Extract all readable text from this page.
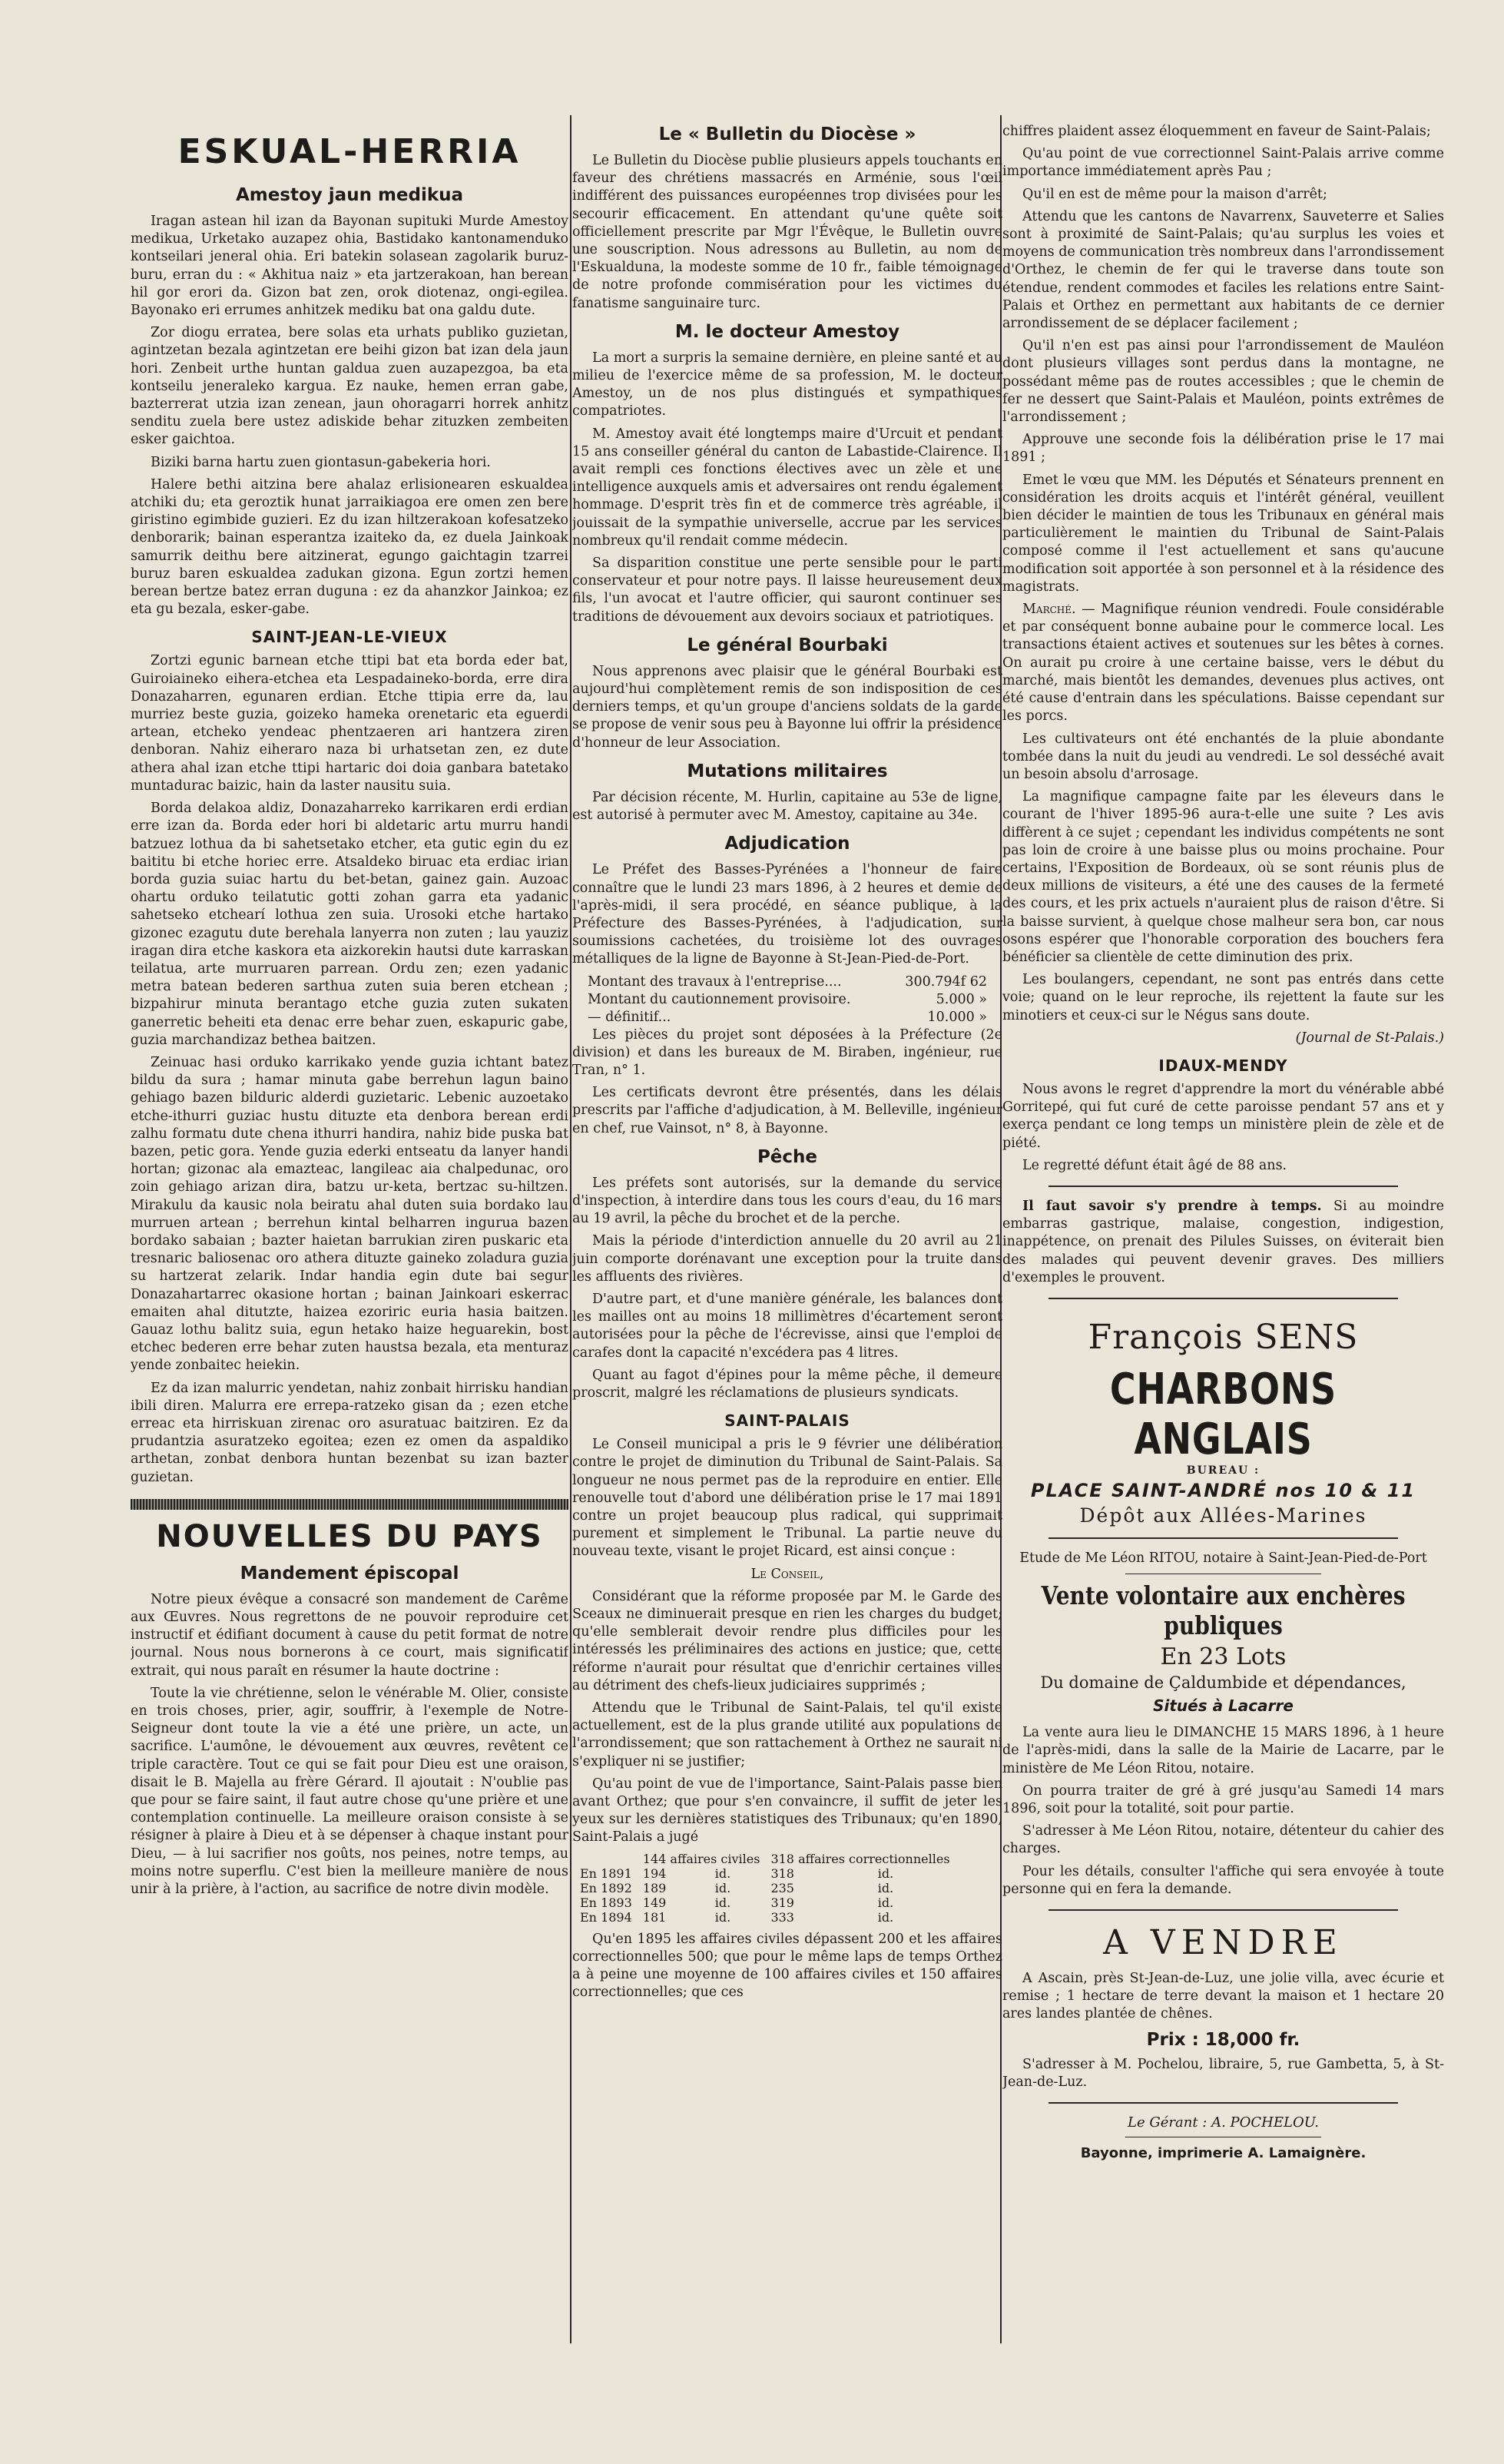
ESKUAL-HERRIA
Amestoy jaun medikua

Iragan astean hil izan da Bayonan supituki Murde Amestoy medikua, Urketako auzapez ohia, Bastidako kantonamenduko kontseilari jeneral ohia. Eri batekin solasean zagolarik buruz-buru, erran du : « Akhitua naiz » eta jartzerakoan, han berean hil gor erori da. Gizon bat zen, orok diotenaz, ongi-egilea. Bayonako eri errumes anhitzek mediku bat ona galdu dute.

Zor diogu erratea, bere solas eta urhats publiko guzietan, agintzetan bezala agintzetan ere beihi gizon bat izan dela jaun hori. Zenbeit urthe huntan galdua zuen auzapezgoa, ba eta kontseilu jeneraleko kargua. Ez nauke, hemen erran gabe, bazterrerat utzia izan zenean, jaun ohoragarri horrek anhitz senditu zuela bere ustez adiskide behar zituzken zembeiten esker gaichtoa.

Biziki barna hartu zuen giontasun-gabekeria hori.

Halere bethi aitzina bere ahalaz erlisionearen eskualdea atchiki du; eta geroztik hunat jarraikiagoa ere omen zen bere giristino egimbide guzieri. Ez du izan hiltzerakoan kofesatzeko denborarik; bainan esperantza izaiteko da, ez duela Jainkoak samurrik deithu bere aitzinerat, egungo gaichtagin tzarrei buruz baren eskualdea zadukan gizona. Egun zortzi hemen berean bertze batez erran duguna : ez da ahanzkor Jainkoa; ez eta gu bezala, esker-gabe.

SAINT-JEAN-LE-VIEUX

Zortzi egunic barnean etche ttipi bat eta borda eder bat, Guiroiaineko eihera-etchea eta Lespadaineko-borda, erre dira Donazaharren, egunaren erdian. Etche ttipia erre da, lau murriez beste guzia, goizeko hameka orenetaric eta eguerdi artean, etcheko yendeac phentzaeren ari hantzera ziren denboran. Nahiz eiheraro naza bi urhatsetan zen, ez dute athera ahal izan etche ttipi hartaric doi doia ganbara batetako muntadurac baizic, hain da laster nausitu suia.

Borda delakoa aldiz, Donazaharreko karrikaren erdi erdian erre izan da. Borda eder hori bi aldetaric artu murru handi batzuez lothua da bi sahetsetako etcher, eta gutic egin du ez baititu bi etche horiec erre. Atsaldeko biruac eta erdiac irian borda guzia suiac hartu du bet-betan, gainez gain. Auzoac ohartu orduko teilatutic gotti zohan garra eta yadanic sahetseko etchearí lothua zen suia. Urosoki etche hartako gizonec ezagutu dute berehala lanyerra non zuten ; lau yauziz iragan dira etche kaskora eta aizkorekin hautsi dute karraskan teilatua, arte murruaren parrean. Ordu zen; ezen yadanic metra batean bederen sarthua zuten suia beren etchean ; bizpahirur minuta berantago etche guzia zuten sukaten ganerretic beheiti eta denac erre behar zuen, eskapuric gabe, guzia marchandizaz bethea baitzen.

Zeinuac hasi orduko karrikako yende guzia ichtant batez bildu da sura ; hamar minuta gabe berrehun lagun baino gehiago bazen bilduric alderdi guzietaric. Lebenic auzoetako etche-ithurri guziac hustu dituzte eta denbora berean erdi zalhu formatu dute chena ithurri handira, nahiz bide puska bat bazen, petic gora. Yende guzia ederki entseatu da lanyer handi hortan; gizonac ala emazteac, langileac aia chalpedunac, oro zoin gehiago arizan dira, batzu ur-keta, bertzac su-hiltzen. Mirakulu da kausic nola beiratu ahal duten suia bordako lau murruen artean ; berrehun kintal belharren ingurua bazen bordako sabaian ; bazter haietan barrukian ziren puskaric eta tresnaric baliosenac oro athera dituzte gaineko zoladura guzia su hartzerat zelarik. Indar handia egin dute bai segur Donazahartarrec okasione hortan ; bainan Jainkoari eskerrac emaiten ahal ditutzte, haizea ezoriric euria hasia baitzen. Gauaz lothu balitz suia, egun hetako haize heguarekin, bost etchec bederen erre behar zuten haustsa bezala, eta menturaz yende zonbaitec heiekin.

Ez da izan malurric yendetan, nahiz zonbait hirrisku handian ibili diren. Malurra ere errepa-ratzeko gisan da ; ezen etche erreac eta hirriskuan zirenac oro asuratuac baitziren. Ez da prudantzia asuratzeko egoitea; ezen ez omen da aspaldiko arthetan, zonbat denbora huntan bezenbat su izan bazter guzietan.

NOUVELLES DU PAYS
Mandement épiscopal

Notre pieux évêque a consacré son mandement de Carême aux Œuvres. Nous regrettons de ne pouvoir reproduire cet instructif et édifiant document à cause du petit format de notre journal. Nous nous bornerons à ce court, mais significatif extrait, qui nous paraît en résumer la haute doctrine :

Toute la vie chrétienne, selon le vénérable M. Olier, consiste en trois choses, prier, agir, souffrir, à l'exemple de Notre-Seigneur dont toute la vie a été une prière, un acte, un sacrifice. L'aumône, le dévouement aux œuvres, revêtent ce triple caractère. Tout ce qui se fait pour Dieu est une oraison, disait le B. Majella au frère Gérard. Il ajoutait : N'oublie pas que pour se faire saint, il faut autre chose qu'une prière et une contemplation continuelle. La meilleure oraison consiste à se résigner à plaire à Dieu et à se dépenser à chaque instant pour Dieu, — à lui sacrifier nos goûts, nos peines, notre temps, au moins notre superflu. C'est bien la meilleure manière de nous unir à la prière, à l'action, au sacrifice de notre divin modèle.

Le « Bulletin du Diocèse »

Le Bulletin du Diocèse publie plusieurs appels touchants en faveur des chrétiens massacrés en Arménie, sous l'œil indifférent des puissances européennes trop divisées pour les secourir efficacement. En attendant qu'une quête soit officiellement prescrite par Mgr l'Évêque, le Bulletin ouvre une souscription. Nous adressons au Bulletin, au nom de l'Eskualduna, la modeste somme de 10 fr., faible témoignage de notre profonde commisération pour les victimes du fanatisme sanguinaire turc.

M. le docteur Amestoy

La mort a surpris la semaine dernière, en pleine santé et au milieu de l'exercice même de sa profession, M. le docteur Amestoy, un de nos plus distingués et sympathiques compatriotes.

M. Amestoy avait été longtemps maire d'Urcuit et pendant 15 ans conseiller général du canton de Labastide-Clairence. Il avait rempli ces fonctions électives avec un zèle et une intelligence auxquels amis et adversaires ont rendu également hommage. D'esprit très fin et de commerce très agréable, il jouissait de la sympathie universelle, accrue par les services nombreux qu'il rendait comme médecin.

Sa disparition constitue une perte sensible pour le parti conservateur et pour notre pays. Il laisse heureusement deux fils, l'un avocat et l'autre officier, qui sauront continuer ses traditions de dévouement aux devoirs sociaux et patriotiques.

Le général Bourbaki

Nous apprenons avec plaisir que le général Bourbaki est aujourd'hui complètement remis de son indisposition de ces derniers temps, et qu'un groupe d'anciens soldats de la garde se propose de venir sous peu à Bayonne lui offrir la présidence d'honneur de leur Association.

Mutations militaires

Par décision récente, M. Hurlin, capitaine au 53e de ligne, est autorisé à permuter avec M. Amestoy, capitaine au 34e.

Adjudication

Le Préfet des Basses-Pyrénées a l'honneur de faire connaître que le lundi 23 mars 1896, à 2 heures et demie de l'après-midi, il sera procédé, en séance publique, à la Préfecture des Basses-Pyrénées, à l'adjudication, sur soumissions cachetées, du troisième lot des ouvrages métalliques de la ligne de Bayonne à St-Jean-Pied-de-Port.

Montant des travaux à l'entreprise....	300.794f 62
Montant du cautionnement provisoire.	5.000 »
— définitif...	10.000 »

Les pièces du projet sont déposées à la Préfecture (2e division) et dans les bureaux de M. Biraben, ingénieur, rue Tran, n° 1.

Les certificats devront être présentés, dans les délais prescrits par l'affiche d'adjudication, à M. Belleville, ingénieur en chef, rue Vainsot, n° 8, à Bayonne.

Pêche

Les préfets sont autorisés, sur la demande du service d'inspection, à interdire dans tous les cours d'eau, du 16 mars au 19 avril, la pêche du brochet et de la perche.

Mais la période d'interdiction annuelle du 20 avril au 21 juin comporte dorénavant une exception pour la truite dans les affluents des rivières.

D'autre part, et d'une manière générale, les balances dont les mailles ont au moins 18 millimètres d'écartement seront autorisées pour la pêche de l'écrevisse, ainsi que l'emploi de carafes dont la capacité n'excédera pas 4 litres.

Quant au fagot d'épines pour la même pêche, il demeure proscrit, malgré les réclamations de plusieurs syndicats.

SAINT-PALAIS

Le Conseil municipal a pris le 9 février une délibération contre le projet de diminution du Tribunal de Saint-Palais. Sa longueur ne nous permet pas de la reproduire en entier. Elle renouvelle tout d'abord une délibération prise le 17 mai 1891 contre un projet beaucoup plus radical, qui supprimait purement et simplement le Tribunal. La partie neuve du nouveau texte, visant le projet Ricard, est ainsi conçue :

Le Conseil,

Considérant que la réforme proposée par M. le Garde des Sceaux ne diminuerait presque en rien les charges du budget; qu'elle semblerait devoir rendre plus difficiles pour les intéressés les préliminaires des actions en justice; que, cette réforme n'aurait pour résultat que d'enrichir certaines villes au détriment des chefs-lieux judiciaires supprimés ;

Attendu que le Tribunal de Saint-Palais, tel qu'il existe actuellement, est de la plus grande utilité aux populations de l'arrondissement; que son rattachement à Orthez ne saurait ni s'expliquer ni se justifier;

Qu'au point de vue de l'importance, Saint-Palais passe bien avant Orthez; que pour s'en convaincre, il suffit de jeter les yeux sur les dernières statistiques des Tribunaux; qu'en 1890, Saint-Palais a jugé

	144 affaires civiles		318 affaires correctionnelles	
En 1891	194	id.	318	id.
En 1892	189	id.	235	id.
En 1893	149	id.	319	id.
En 1894	181	id.	333	id.

Qu'en 1895 les affaires civiles dépassent 200 et les affaires correctionnelles 500; que pour le même laps de temps Orthez a à peine une moyenne de 100 affaires civiles et 150 affaires correctionnelles; que ces

chiffres plaident assez éloquemment en faveur de Saint-Palais;

Qu'au point de vue correctionnel Saint-Palais arrive comme importance immédiatement après Pau ;

Qu'il en est de même pour la maison d'arrêt;

Attendu que les cantons de Navarrenx, Sauveterre et Salies sont à proximité de Saint-Palais; qu'au surplus les voies et moyens de communication très nombreux dans l'arrondissement d'Orthez, le chemin de fer qui le traverse dans toute son étendue, rendent commodes et faciles les relations entre Saint-Palais et Orthez en permettant aux habitants de ce dernier arrondissement de se déplacer facilement ;

Qu'il n'en est pas ainsi pour l'arrondissement de Mauléon dont plusieurs villages sont perdus dans la montagne, ne possédant même pas de routes accessibles ; que le chemin de fer ne dessert que Saint-Palais et Mauléon, points extrêmes de l'arrondissement ;

Approuve une seconde fois la délibération prise le 17 mai 1891 ;

Emet le vœu que MM. les Députés et Sénateurs prennent en considération les droits acquis et l'intérêt général, veuillent bien décider le maintien de tous les Tribunaux en général mais particulièrement le maintien du Tribunal de Saint-Palais composé comme il l'est actuellement et sans qu'aucune modification soit apportée à son personnel et à la résidence des magistrats.

Marché. — Magnifique réunion vendredi. Foule considérable et par conséquent bonne aubaine pour le commerce local. Les transactions étaient actives et soutenues sur les bêtes à cornes. On aurait pu croire à une certaine baisse, vers le début du marché, mais bientôt les demandes, devenues plus actives, ont été cause d'entrain dans les spéculations. Baisse cependant sur les porcs.

Les cultivateurs ont été enchantés de la pluie abondante tombée dans la nuit du jeudi au vendredi. Le sol desséché avait un besoin absolu d'arrosage.

La magnifique campagne faite par les éleveurs dans le courant de l'hiver 1895-96 aura-t-elle une suite ? Les avis diffèrent à ce sujet ; cependant les individus compétents ne sont pas loin de croire à une baisse plus ou moins prochaine. Pour certains, l'Exposition de Bordeaux, où se sont réunis plus de deux millions de visiteurs, a été une des causes de la fermeté des cours, et les prix actuels n'auraient plus de raison d'être. Si la baisse survient, à quelque chose malheur sera bon, car nous osons espérer que l'honorable corporation des bouchers fera bénéficier sa clientèle de cette diminution des prix.

Les boulangers, cependant, ne sont pas entrés dans cette voie; quand on le leur reproche, ils rejettent la faute sur les minotiers et ceux-ci sur le Négus sans doute.

(Journal de St-Palais.)

IDAUX-MENDY

Nous avons le regret d'apprendre la mort du vénérable abbé Gorritepé, qui fut curé de cette paroisse pendant 57 ans et y exerça pendant ce long temps un ministère plein de zèle et de piété.

Le regretté défunt était âgé de 88 ans.

Il faut savoir s'y prendre à temps. Si au moindre embarras gastrique, malaise, congestion, indigestion, inappétence, on prenait des Pilules Suisses, on éviterait bien des malades qui peuvent devenir graves. Des milliers d'exemples le prouvent.

François SENS
CHARBONS ANGLAIS
BUREAU :
PLACE SAINT-ANDRÉ nos 10 & 11
Dépôt aux Allées-Marines

Etude de Me Léon RITOU, notaire à Saint-Jean-Pied-de-Port

Vente volontaire aux enchères publiques
En 23 Lots
Du domaine de Çaldumbide et dépendances,
Situés à Lacarre

La vente aura lieu le DIMANCHE 15 MARS 1896, à 1 heure de l'après-midi, dans la salle de la Mairie de Lacarre, par le ministère de Me Léon Ritou, notaire.

On pourra traiter de gré à gré jusqu'au Samedi 14 mars 1896, soit pour la totalité, soit pour partie.

S'adresser à Me Léon Ritou, notaire, détenteur du cahier des charges.

Pour les détails, consulter l'affiche qui sera envoyée à toute personne qui en fera la demande.

A VENDRE

A Ascain, près St-Jean-de-Luz, une jolie villa, avec écurie et remise ; 1 hectare de terre devant la maison et 1 hectare 20 ares landes plantée de chênes.

Prix : 18,000 fr.

S'adresser à M. Pochelou, libraire, 5, rue Gambetta, 5, à St-Jean-de-Luz.

Le Gérant : A. POCHELOU.
Bayonne, imprimerie A. Lamaignère.
